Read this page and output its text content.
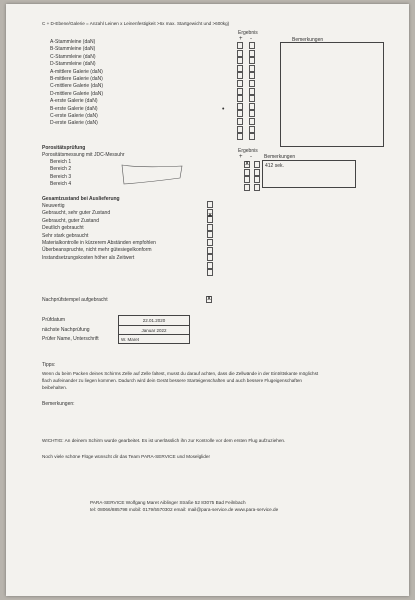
C + D-Ebene/Galerie = Anzahl Leinen x Leinenfestigkeit >6x max. Startgewicht und >600kg)
Ergebnis
Bemerkungen
+ -
A-Stammleine (daN)
B-Stammleine (daN)
C-Stammleine (daN)
D-Stammleine (daN)
A-mittlere Galerie (daN)
B-mittlere Galerie (daN)
C-mittlere Galerie (daN)
D-mittlere Galerie (daN)
A-erste Galerie (daN)
B-erste Galerie (daN)
C-erste Galerie (daN)
D-erste Galerie (daN)
•
Porositätsprüfung
Porositätsmessung mit JDC-Messuhr
Bereich 1
Bereich 2
Bereich 3
Bereich 4
Ergebnis
+ - Bemerkungen
X	412 sek.
Gesamtzustand bei Auslieferung
Neuwertig
Gebraucht, sehr guter Zustand
Gebraucht, guter Zustand
Deutlich gebraucht
Sehr stark gebraucht
Materialkontrolle in kürzerem Abständen empfohlen
Überbeanspruchte, nicht mehr gütesiegelkonform
Instandsetzungskosten höher als Zeitwert
X
Nachprüfstempel aufgebracht	X
Prüfdatum
nächste Nachprüfung
Prüfer Name, Unterschrift
22.01.2020
Januar 2022
W. Maret
Tipps:
Wenn du beim Packen deines Schirms Zelle auf Zelle faltest, musst du darauf achten, dass die Zellwände in der Eintrittskante möglichst
flach aufeinander zu liegen kommen. Dadurch wird dein Gerät bessere Starteigenschaften und auch bessere Flugeigenschaften
beibehalten.
Bemerkungen:
WICHTIG: An deinem Schirm wurde gearbeitet. Es ist unerlässlich ihn zur Kontrolle vor dem ersten Flug aufzuziehen.
Noch viele schöne Flüge wünscht dir das Team PARA-SERVICE und Moselglider
PARA-SERVICE Wolfgang Maret Aiblinger Straße 52 83075 Bad Feilnbach
tel: 08066/885798 mobil: 0179/5570302 email: mail@para-service.de www.para-service.de
